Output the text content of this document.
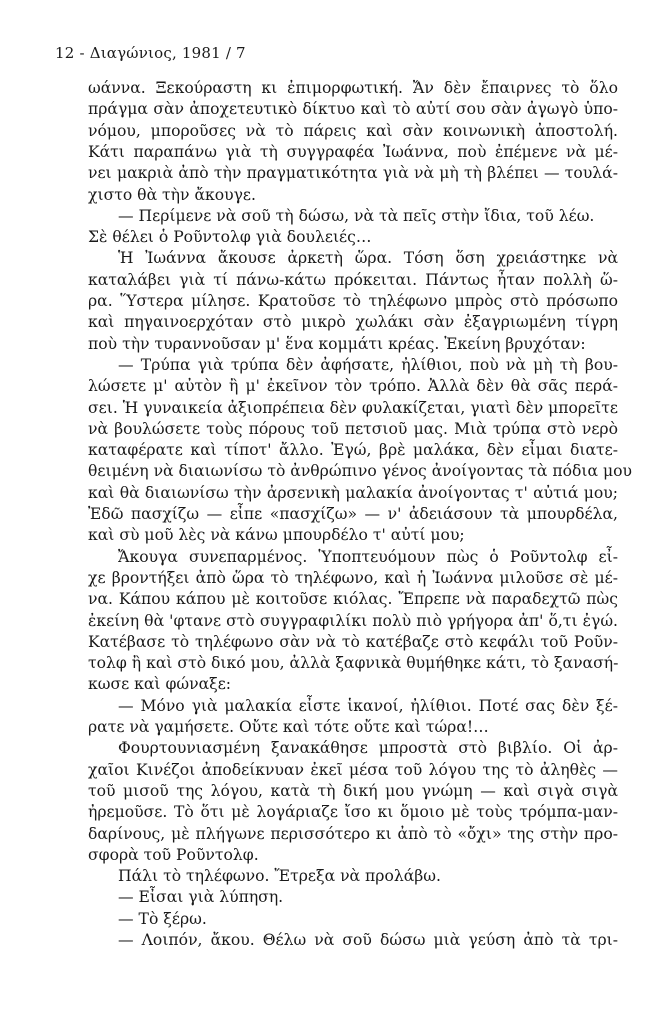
12 - Διαγώνιος, 1981 / 7
ωάννα. Ξεκούραστη κι ἐπιμορφωτική. Ἄν δὲν ἔπαιρνες τὸ ὅλο
πράγμα σὰν ἀποχετευτικὸ δίκτυο καὶ τὸ αὐτί σου σὰν ἀγωγὸ ὑπο-
νόμου, μποροῦσες νὰ τὸ πάρεις καὶ σὰν κοινωνικὴ ἀποστολή.
Κάτι παραπάνω γιὰ τὴ συγγραφέα Ἰωάννα, ποὺ ἐπέμενε νὰ μέ-
νει μακριὰ ἀπὸ τὴν πραγματικότητα γιὰ νὰ μὴ τὴ βλέπει — τουλά-
χιστο θὰ τὴν ἄκουγε.
— Περίμενε νὰ σοῦ τὴ δώσω, νὰ τὰ πεῖς στὴν ἴδια, τοῦ λέω.
Σὲ θέλει ὁ Ροῦντολφ γιὰ δουλειές…
Ἡ Ἰωάννα ἄκουσε ἀρκετὴ ὥρα. Τόση ὅση χρειάστηκε νὰ
καταλάβει γιὰ τί πάνω-κάτω πρόκειται. Πάντως ἦταν πολλὴ ὥ-
ρα. Ὕστερα μίλησε. Κρατοῦσε τὸ τηλέφωνο μπρὸς στὸ πρόσωπο
καὶ πηγαινοερχόταν στὸ μικρὸ χωλάκι σὰν ἐξαγριωμένη τίγρη
ποὺ τὴν τυραννοῦσαν μ' ἕνα κομμάτι κρέας. Ἐκείνη βρυχόταν:
— Τρύπα γιὰ τρύπα δὲν ἀφήσατε, ἠλίθιοι, ποὺ νὰ μὴ τὴ βου-
λώσετε μ' αὐτὸν ἢ μ' ἐκεῖνον τὸν τρόπο. Ἀλλὰ δὲν θὰ σᾶς περά-
σει. Ἡ γυναικεία ἀξιοπρέπεια δὲν φυλακίζεται, γιατὶ δὲν μπορεῖτε
νὰ βουλώσετε τοὺς πόρους τοῦ πετσιοῦ μας. Μιὰ τρύπα στὸ νερὸ
καταφέρατε καὶ τίποτ' ἄλλο. Ἐγώ, βρὲ μαλάκα, δὲν εἶμαι διατε-
θειμένη νὰ διαιωνίσω τὸ ἀνθρώπινο γένος ἀνοίγοντας τὰ πόδια μου
καὶ θὰ διαιωνίσω τὴν ἀρσενικὴ μαλακία ἀνοίγοντας τ' αὐτιά μου;
Ἐδῶ πασχίζω — εἶπε «πασχίζω» — ν' ἀδειάσουν τὰ μπουρδέλα,
καὶ σὺ μοῦ λὲς νὰ κάνω μπουρδέλο τ' αὐτί μου;
Ἄκουγα συνεπαρμένος. Ὑποπτευόμουν πὼς ὁ Ροῦντολφ εἶ-
χε βροντήξει ἀπὸ ὥρα τὸ τηλέφωνο, καὶ ἡ Ἰωάννα μιλοῦσε σὲ μέ-
να. Κάπου κάπου μὲ κοιτοῦσε κιόλας. Ἔπρεπε νὰ παραδεχτῶ πὼς
ἐκείνη θὰ 'φτανε στὸ συγγραφιλίκι πολὺ πιὸ γρήγορα ἀπ' ὅ,τι ἐγώ.
Κατέβασε τὸ τηλέφωνο σὰν νὰ τὸ κατέβαζε στὸ κεφάλι τοῦ Ροῦν-
τολφ ἢ καὶ στὸ δικό μου, ἀλλὰ ξαφνικὰ θυμήθηκε κάτι, τὸ ξανασή-
κωσε καὶ φώναξε:
— Μόνο γιὰ μαλακία εἶστε ἱκανοί, ἠλίθιοι. Ποτέ σας δὲν ξέ-
ρατε νὰ γαμήσετε. Οὔτε καὶ τότε οὔτε καὶ τώρα!…
Φουρτουνιασμένη ξανακάθησε μπροστὰ στὸ βιβλίο. Οἱ ἀρ-
χαῖοι Κινέζοι ἀποδείκνυαν ἐκεῖ μέσα τοῦ λόγου της τὸ ἀληθὲς —
τοῦ μισοῦ της λόγου, κατὰ τὴ δική μου γνώμη — καὶ σιγὰ σιγὰ
ἠρεμοῦσε. Τὸ ὅτι μὲ λογάριαζε ἴσο κι ὅμοιο μὲ τοὺς τρόμπα-μαν-
δαρίνους, μὲ πλήγωνε περισσότερο κι ἀπὸ τὸ «ὄχι» της στὴν προ-
σφορὰ τοῦ Ροῦντολφ.
Πάλι τὸ τηλέφωνο. Ἔτρεξα νὰ προλάβω.
— Εἶσαι γιὰ λύπηση.
— Τὸ ξέρω.
— Λοιπόν, ἄκου. Θέλω νὰ σοῦ δώσω μιὰ γεύση ἀπὸ τὰ τρι-
